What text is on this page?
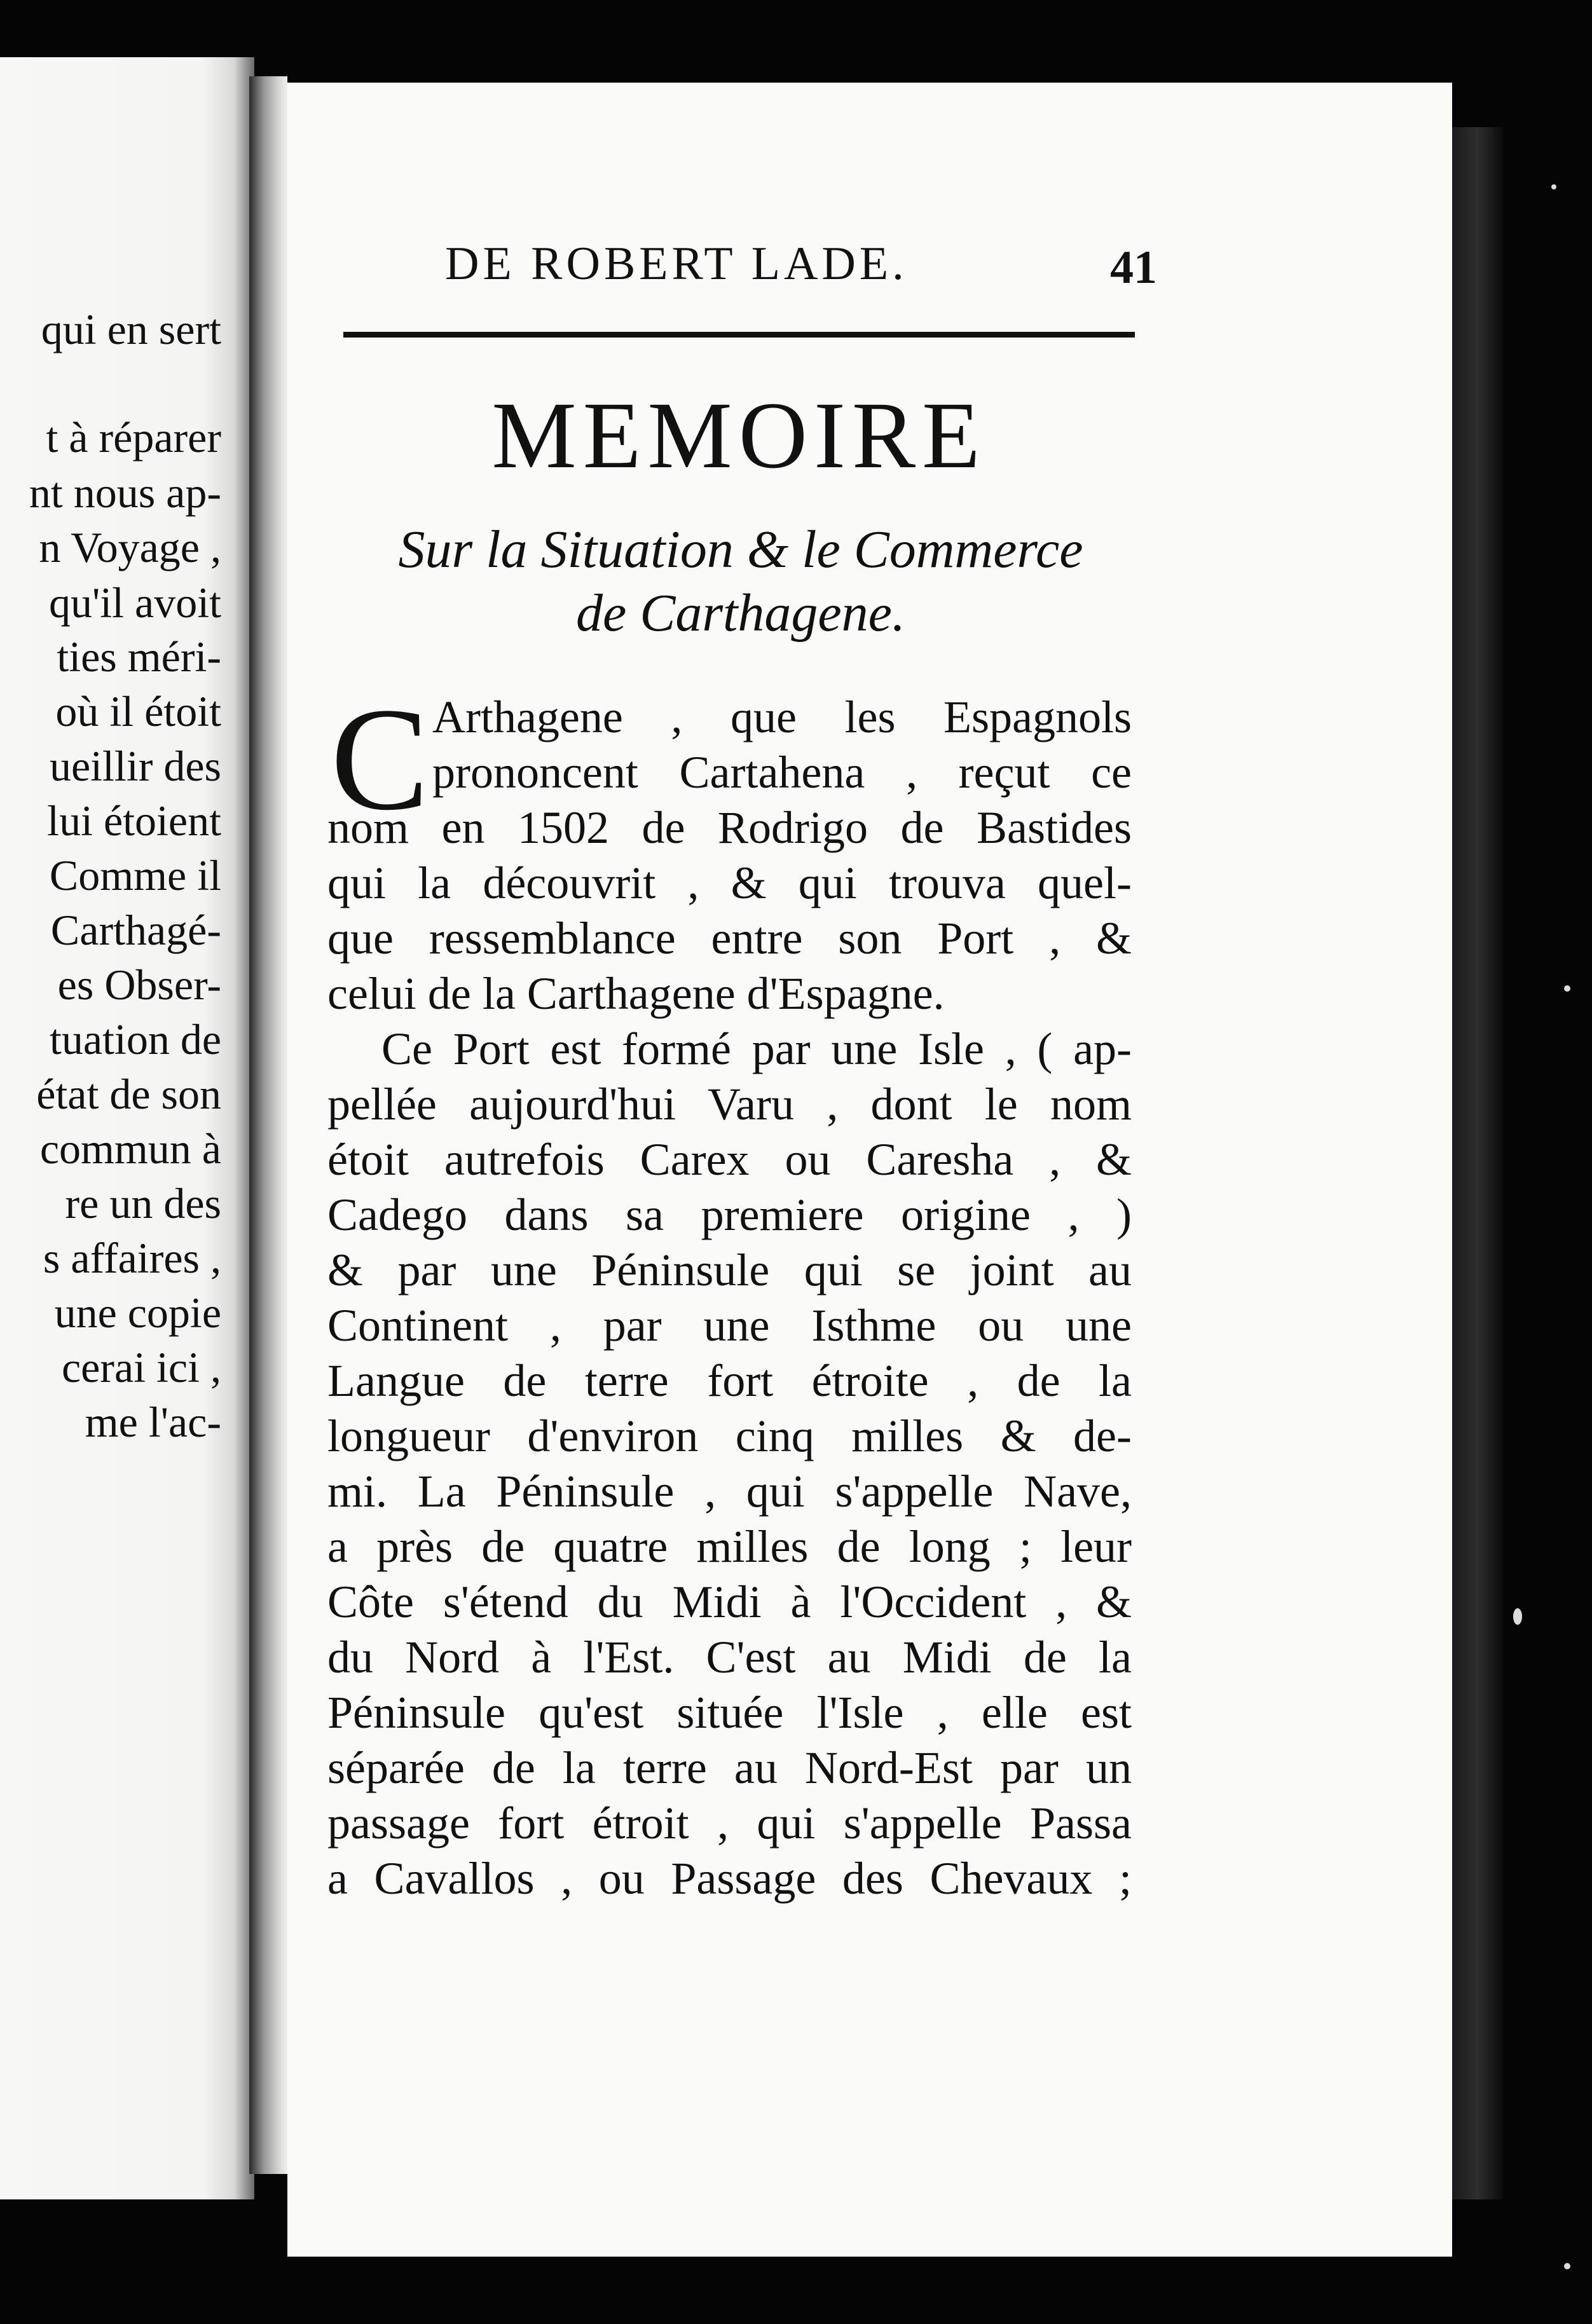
qui en sert
t à réparer
nt nous ap-
n Voyage ,
qu'il avoit
ties méri-
où il étoit
ueillir des
lui étoient
Comme il
Carthagé-
es Obser-
tuation de
état de son
commun à
re un des
s affaires ,
une copie
cerai ici ,
me l'ac-
DE ROBERT LADE.	41
MEMOIRE
Sur la Situation & le Commerce
de Carthagene.
C Arthagene , que les Espagnols
prononcent Cartahena , reçut ce
nom en 1502 de Rodrigo de Bastides
qui la découvrit , & qui trouva quel-
que ressemblance entre son Port , &
celui de la Carthagene d'Espagne.
Ce Port est formé par une Isle , ( ap-
pellée aujourd'hui Varu , dont le nom
étoit autrefois Carex ou Caresha , &
Cadego dans sa premiere origine , )
& par une Péninsule qui se joint au
Continent , par une Isthme ou une
Langue de terre fort étroite , de la
longueur d'environ cinq milles & de-
mi. La Péninsule , qui s'appelle Nave,
a près de quatre milles de long ; leur
Côte s'étend du Midi à l'Occident , &
du Nord à l'Est. C'est au Midi de la
Péninsule qu'est située l'Isle , elle est
séparée de la terre au Nord-Est par un
passage fort étroit , qui s'appelle Passa
a Cavallos , ou Passage des Chevaux ;
